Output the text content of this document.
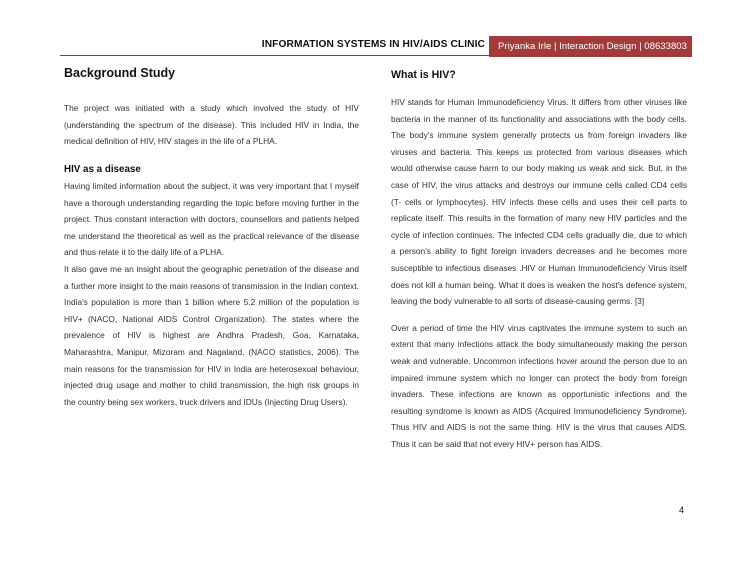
INFORMATION SYSTEMS IN HIV/AIDS CLINIC	Priyanka Irle | Interaction Design | 08633803
Background Study

The project was initiated with a study which involved the study of HIV (understanding the spectrum of the disease). This included HIV in India, the medical definition of HIV, HIV stages in the life of a PLHA.

HIV as a disease

Having limited information about the subject, it was very important that I myself have a thorough understanding regarding the topic before moving further in the project. Thus constant interaction with doctors, counsellors and patients helped me understand the theoretical as well as the practical relevance of the disease and thus relate it to the daily life of a PLHA.

It also gave me an insight about the geographic penetration of the disease and a further more insight to the main reasons of transmission in the Indian context. India's population is more than 1 billion where 5.2 million of the population is HIV+ (NACO, National AIDS Control Organization). The states where the prevalence of HIV is highest are Andhra Pradesh, Goa, Karnataka, Maharashtra, Manipur, Mizoram and Nagaland. (NACO statistics, 2006). The main reasons for the transmission for HIV in India are heterosexual behaviour, injected drug usage and mother to child transmission, the high risk groups in the country being sex workers, truck drivers and IDUs (Injecting Drug Users).

What is HIV?

HIV stands for Human Immunodeficiency Virus. It differs from other viruses like bacteria in the manner of its functionality and associations with the body cells. The body's immune system generally protects us from foreign invaders like viruses and bacteria. This keeps us protected from various diseases which would otherwise cause harm to our body making us weak and sick. But, in the case of HIV, the virus attacks and destroys our immune cells called CD4 cells (T- cells or lymphocytes). HIV infects these cells and uses their cell parts to replicate itself. This results in the formation of many new HIV particles and the cycle of infection continues. The infected CD4 cells gradually die, due to which a person's ability to fight foreign invaders decreases and he becomes more susceptible to infectious diseases .HIV or Human Immunodeficiency Virus itself does not kill a human being. What it does is weaken the host's defence system, leaving the body vulnerable to all sorts of disease-causing germs. [3]

Over a period of time the HIV virus captivates the immune system to such an extent that many infections attack the body simultaneously making the person weak and vulnerable. Uncommon infections hover around the person due to an impaired immune system which no longer can protect the body from foreign invaders. These infections are known as opportunistic infections and the resulting syndrome is known as AIDS (Acquired Immunodeficiency Syndrome). Thus HIV and AIDS is not the same thing. HIV is the virus that causes AIDS. Thus it can be said that not every HIV+ person has AIDS.

4
